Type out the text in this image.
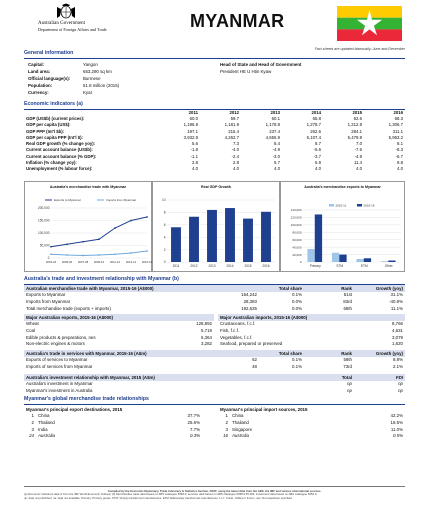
Australian Government
Department of Foreign Affairs and Trade	MYANMAR
Fact sheets are updated biannually; June and December
General information
Capital:	Yangon
Land area:	653,290 sq km
Official language(s):	Burmese
Population:	51.8 million (2015)
Currency:	Kyat
Head of State and Head of Government
President HE U Htin Kyaw
Economic indicators (a)
	2011	2012	2013	2014	2015	2016
GDP (US$b) (current prices):	60.0	59.7	60.1	65.8	62.6	68.3
GDP per capita (US$):	1,196.9	1,181.9	1,178.8	1,278.7	1,212.8	1,306.7
GDP PPP (Int'l $b):	197.1	215.4	237.4	262.6	284.1	311.1
GDP per capita PPP (Int'l $):	3,932.9	4,262.7	4,655.9	5,107.4	5,479.9	5,953.2
Real GDP growth (% change yoy):	5.6	7.3	8.4	8.7	7.0	8.1
Current account balance (US$b):	-1.8	-4.0	-4.9	-5.6	-7.6	-8.3
Current account balance (% GDP):	-1.1	-2.4	-3.0	-3.7	-4.9	-6.7
Inflation (% change yoy):	2.8	2.8	5.7	5.9	11.4	9.8
Unemployment (% labour force):	4.0	4.0	4.0	4.0	4.0	4.0
Australia's merchandise trade with Myanmar
200,000
150,000
100,000
50,000
0
2003-04 2005-06 2007-08 2009-10 2011-12 2013-14 2015-16
Exports to Myanmar	Imports from Myanmar
Real GDP Growth
0
2
4
6
8
10
2011	2012	2013	2014	2015	2016
Australia's merchandise exports to Myanmar
0
20,000
40,000
60,000
80,000
100,000
120,000
140,000
Primary	STM	ETM	Other
2010-11	2015-16
Australia's trade and investment relationship with Myanmar (b)
Australian merchandise trade with Myanmar, 2015-16 (A$000)		Total share	Rank	Growth (yoy)
Exports to Myanmar	164,242	0.1%	51st	31.1%
Imports from Myanmar	28,383	0.0%	83rd	-40.9%
Total merchandise trade (exports + imports)	192,625	0.0%	68th	11.1%
Major Australian exports, 2015-16 (A$000)	
Wheat	128,892
Coal	5,719
Edible products & preparations, nes	6,364
Non-electric engines & motors	3,282
Major Australian imports, 2015-16 (A$000)	
Crustaceans, f.c.f.	8,766
Fish, f.c.f.	4,631
Vegetables, f.c.f.	3,079
Seafood, prepared or preserved	1,620
Australia's trade in services with Myanmar, 2015-16 (A$m)		Total share	Rank	Growth (yoy)
Exports of services to Myanmar	62	0.1%	59th	8.8%
Imports of services from Myanmar	48	0.1%	73rd	2.1%
Australia's investment relationship with Myanmar, 2015 (A$m)	Total	FDI
Australia's investment in Myanmar	np	np
Myanmar's investment in Australia	np	np
Myanmar's global merchandise trade relationships
Myanmar's principal export destinations, 2015		
1	China	37.7%
2	Thailand	25.6%
3	India	7.7%
24	Australia	0.3%
Myanmar's principal import sources, 2015		
1	China	42.2%
2	Thailand	18.5%
3	Singapore	11.0%
16	Australia	0.5%
Compiled by the Economic Diplomacy, Trade Advocacy & Statistics Section, DFAT, using the latest data from the ABS, the IMF and various international sources.
(a) Economic indicators data is from the IMF World Economic Outlook; (b) Merchandise trade data based on ABS catalogue 5368.0; services data based on ABS catalogue 5368.0.55.004; investment data based on ABS catalogue 5352.0.
np: data not published. na: data not available. Primary: Primary goods. STM: Simply transformed manufactures. ETM: Elaborately transformed manufactures. f.c.f.: Fresh, chilled or frozen. nes: Not elsewhere specified.
